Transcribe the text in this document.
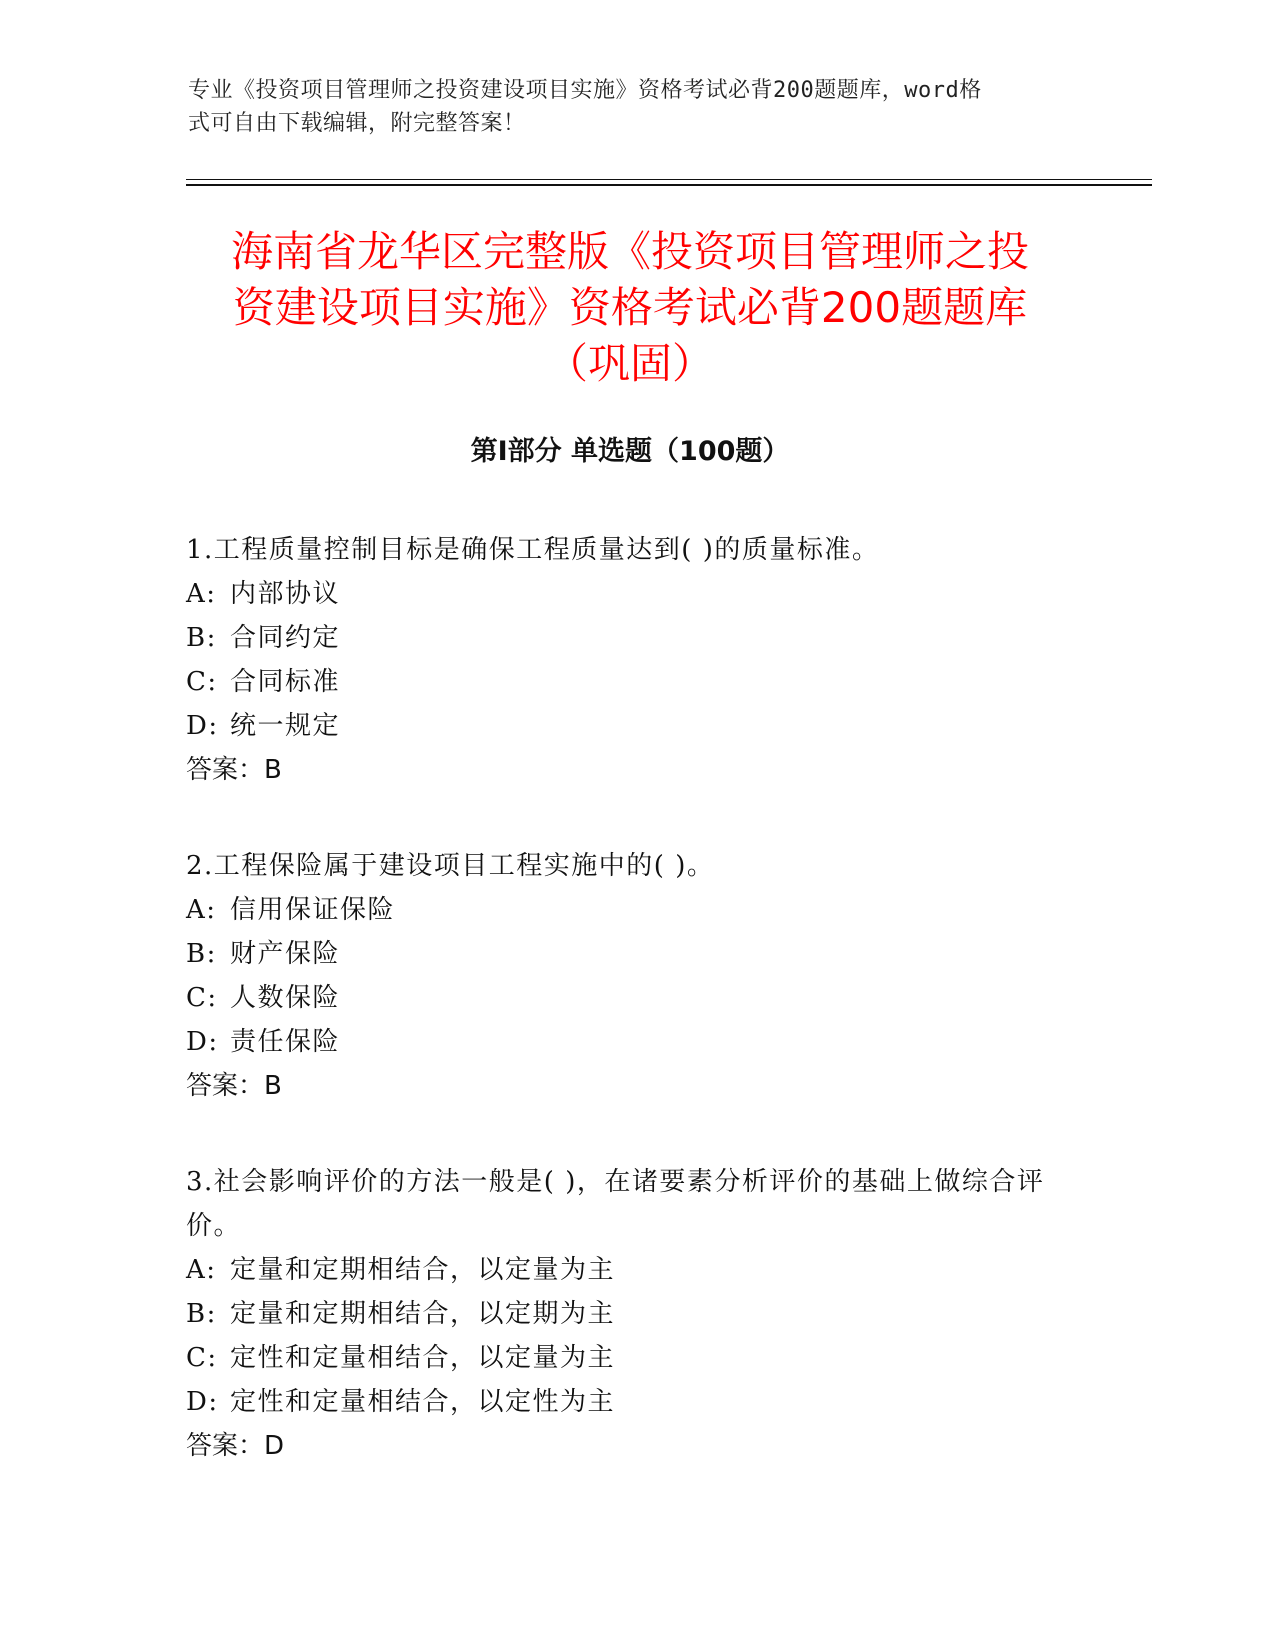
专业《投资项目管理师之投资建设项目实施》资格考试必背200题题库，word格
式可自由下载编辑，附完整答案！
海南省龙华区完整版《投资项目管理师之投
资建设项目实施》资格考试必背200题题库
（巩固）
第Ⅰ部分 单选题（100题）
1.工程质量控制目标是确保工程质量达到( )的质量标准。
A: 内部协议
B: 合同约定
C: 合同标准
D: 统一规定
答案：B
2.工程保险属于建设项目工程实施中的( )。
A: 信用保证保险
B: 财产保险
C: 人数保险
D: 责任保险
答案：B
3.社会影响评价的方法一般是( )，在诸要素分析评价的基础上做综合评价。
A: 定量和定期相结合，以定量为主
B: 定量和定期相结合，以定期为主
C: 定性和定量相结合，以定量为主
D: 定性和定量相结合，以定性为主
答案：D
